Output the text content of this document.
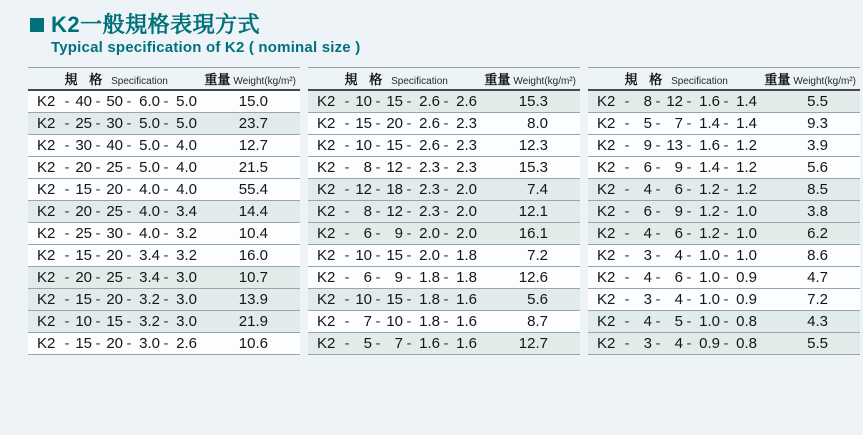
K2一般規格表現方式
Typical specification of K2 ( nominal size )
規 格 Specification	重量 Weight(kg/m²)
K2 - 40 - 50 - 6.0 - 5.0	15.0
K2 - 25 - 30 - 5.0 - 5.0	23.7
K2 - 30 - 40 - 5.0 - 4.0	12.7
K2 - 20 - 25 - 5.0 - 4.0	21.5
K2 - 15 - 20 - 4.0 - 4.0	55.4
K2 - 20 - 25 - 4.0 - 3.4	14.4
K2 - 25 - 30 - 4.0 - 3.2	10.4
K2 - 15 - 20 - 3.4 - 3.2	16.0
K2 - 20 - 25 - 3.4 - 3.0	10.7
K2 - 15 - 20 - 3.2 - 3.0	13.9
K2 - 10 - 15 - 3.2 - 3.0	21.9
K2 - 15 - 20 - 3.0 - 2.6	10.6
規 格 Specification	重量 Weight(kg/m²)
K2 - 10 - 15 - 2.6 - 2.6	15.3
K2 - 15 - 20 - 2.6 - 2.3	8.0
K2 - 10 - 15 - 2.6 - 2.3	12.3
K2 - 8 - 12 - 2.3 - 2.3	15.3
K2 - 12 - 18 - 2.3 - 2.0	7.4
K2 - 8 - 12 - 2.3 - 2.0	12.1
K2 - 6 - 9 - 2.0 - 2.0	16.1
K2 - 10 - 15 - 2.0 - 1.8	7.2
K2 - 6 - 9 - 1.8 - 1.8	12.6
K2 - 10 - 15 - 1.8 - 1.6	5.6
K2 - 7 - 10 - 1.8 - 1.6	8.7
K2 - 5 - 7 - 1.6 - 1.6	12.7
規 格 Specification	重量 Weight(kg/m²)
K2 - 8 - 12 - 1.6 - 1.4	5.5
K2 - 5 - 7 - 1.4 - 1.4	9.3
K2 - 9 - 13 - 1.6 - 1.2	3.9
K2 - 6 - 9 - 1.4 - 1.2	5.6
K2 - 4 - 6 - 1.2 - 1.2	8.5
K2 - 6 - 9 - 1.2 - 1.0	3.8
K2 - 4 - 6 - 1.2 - 1.0	6.2
K2 - 3 - 4 - 1.0 - 1.0	8.6
K2 - 4 - 6 - 1.0 - 0.9	4.7
K2 - 3 - 4 - 1.0 - 0.9	7.2
K2 - 4 - 5 - 1.0 - 0.8	4.3
K2 - 3 - 4 - 0.9 - 0.8	5.5
